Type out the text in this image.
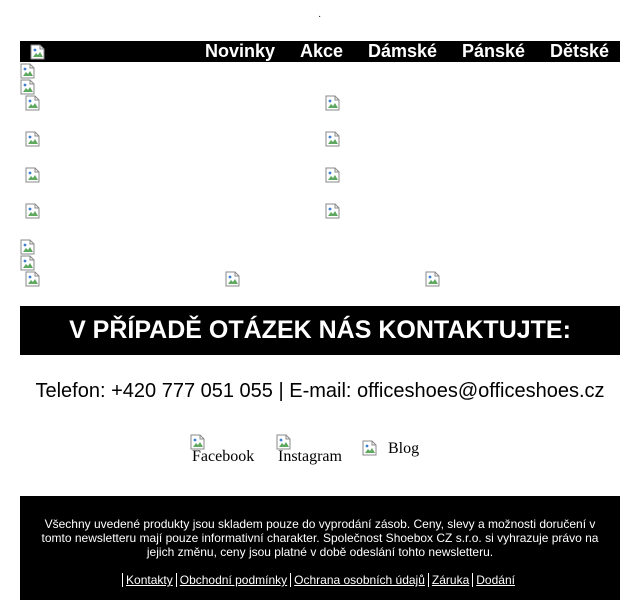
·
Novinky Akce Dámské Pánské Dětské
V PŘÍPADĚ OTÁZEK NÁS KONTAKTUJTE:
Telefon: +420 777 051 055 | E-mail: officeshoes@officeshoes.cz
Facebook Instagram	Blog
Všechny uvedené produkty jsou skladem pouze do vyprodání zásob. Ceny, slevy a možnosti doručení v tomto newsletteru mají pouze informativní charakter. Společnost Shoebox CZ s.r.o. si vyhrazuje právo na jejich změnu, ceny jsou platné v době odeslání tohto newsletteru.
Kontakty Obchodní podmínky Ochrana osobních údajů Záruka Dodání
